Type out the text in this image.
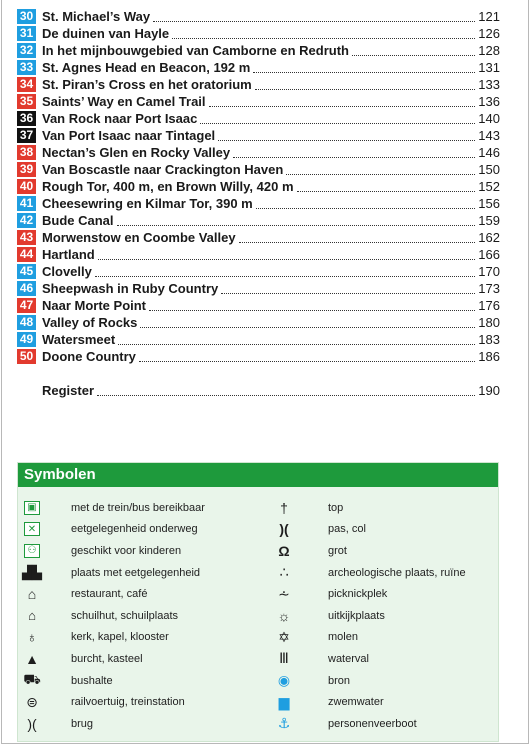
30 St. Michael’s Way	121
31 De duinen van Hayle	126
32 In het mijnbouwgebied van Camborne en Redruth	128
33 St. Agnes Head en Beacon, 192 m	131
34 St. Piran’s Cross en het oratorium	133
35 Saints’ Way en Camel Trail	136
36 Van Rock naar Port Isaac	140
37 Van Port Isaac naar Tintagel	143
38 Nectan’s Glen en Rocky Valley	146
39 Van Boscastle naar Crackington Haven	150
40 Rough Tor, 400 m, en Brown Willy, 420 m	152
41 Cheesewring en Kilmar Tor, 390 m	156
42 Bude Canal	159
43 Morwenstow en Coombe Valley	162
44 Hartland	166
45 Clovelly	170
46 Sheepwash in Ruby Country	173
47 Naar Morte Point	176
48 Valley of Rocks	180
49 Watersmeet	183
50 Doone Country	186
Register	190
Symbolen
▣	met de trein/bus bereikbaar
✕	eetgelegenheid onderweg
⚇	geschikt voor kinderen
▟▙	plaats met eetgelegenheid
⌂	restaurant, café
⌂	schuilhut, schuilplaats
♁	kerk, kapel, klooster
▲	burcht, kasteel
⛟	bushalte
⊜	railvoertuig, treinstation
)(	brug
†	top
)(	pas, col
Ω	grot
∴	archeologische plaats, ruïne
⩪	picknickplek
☼	uitkijkplaats
✡	molen
Ⅲ	waterval
◉	bron
▆	zwemwater
⚓	personenveerboot
